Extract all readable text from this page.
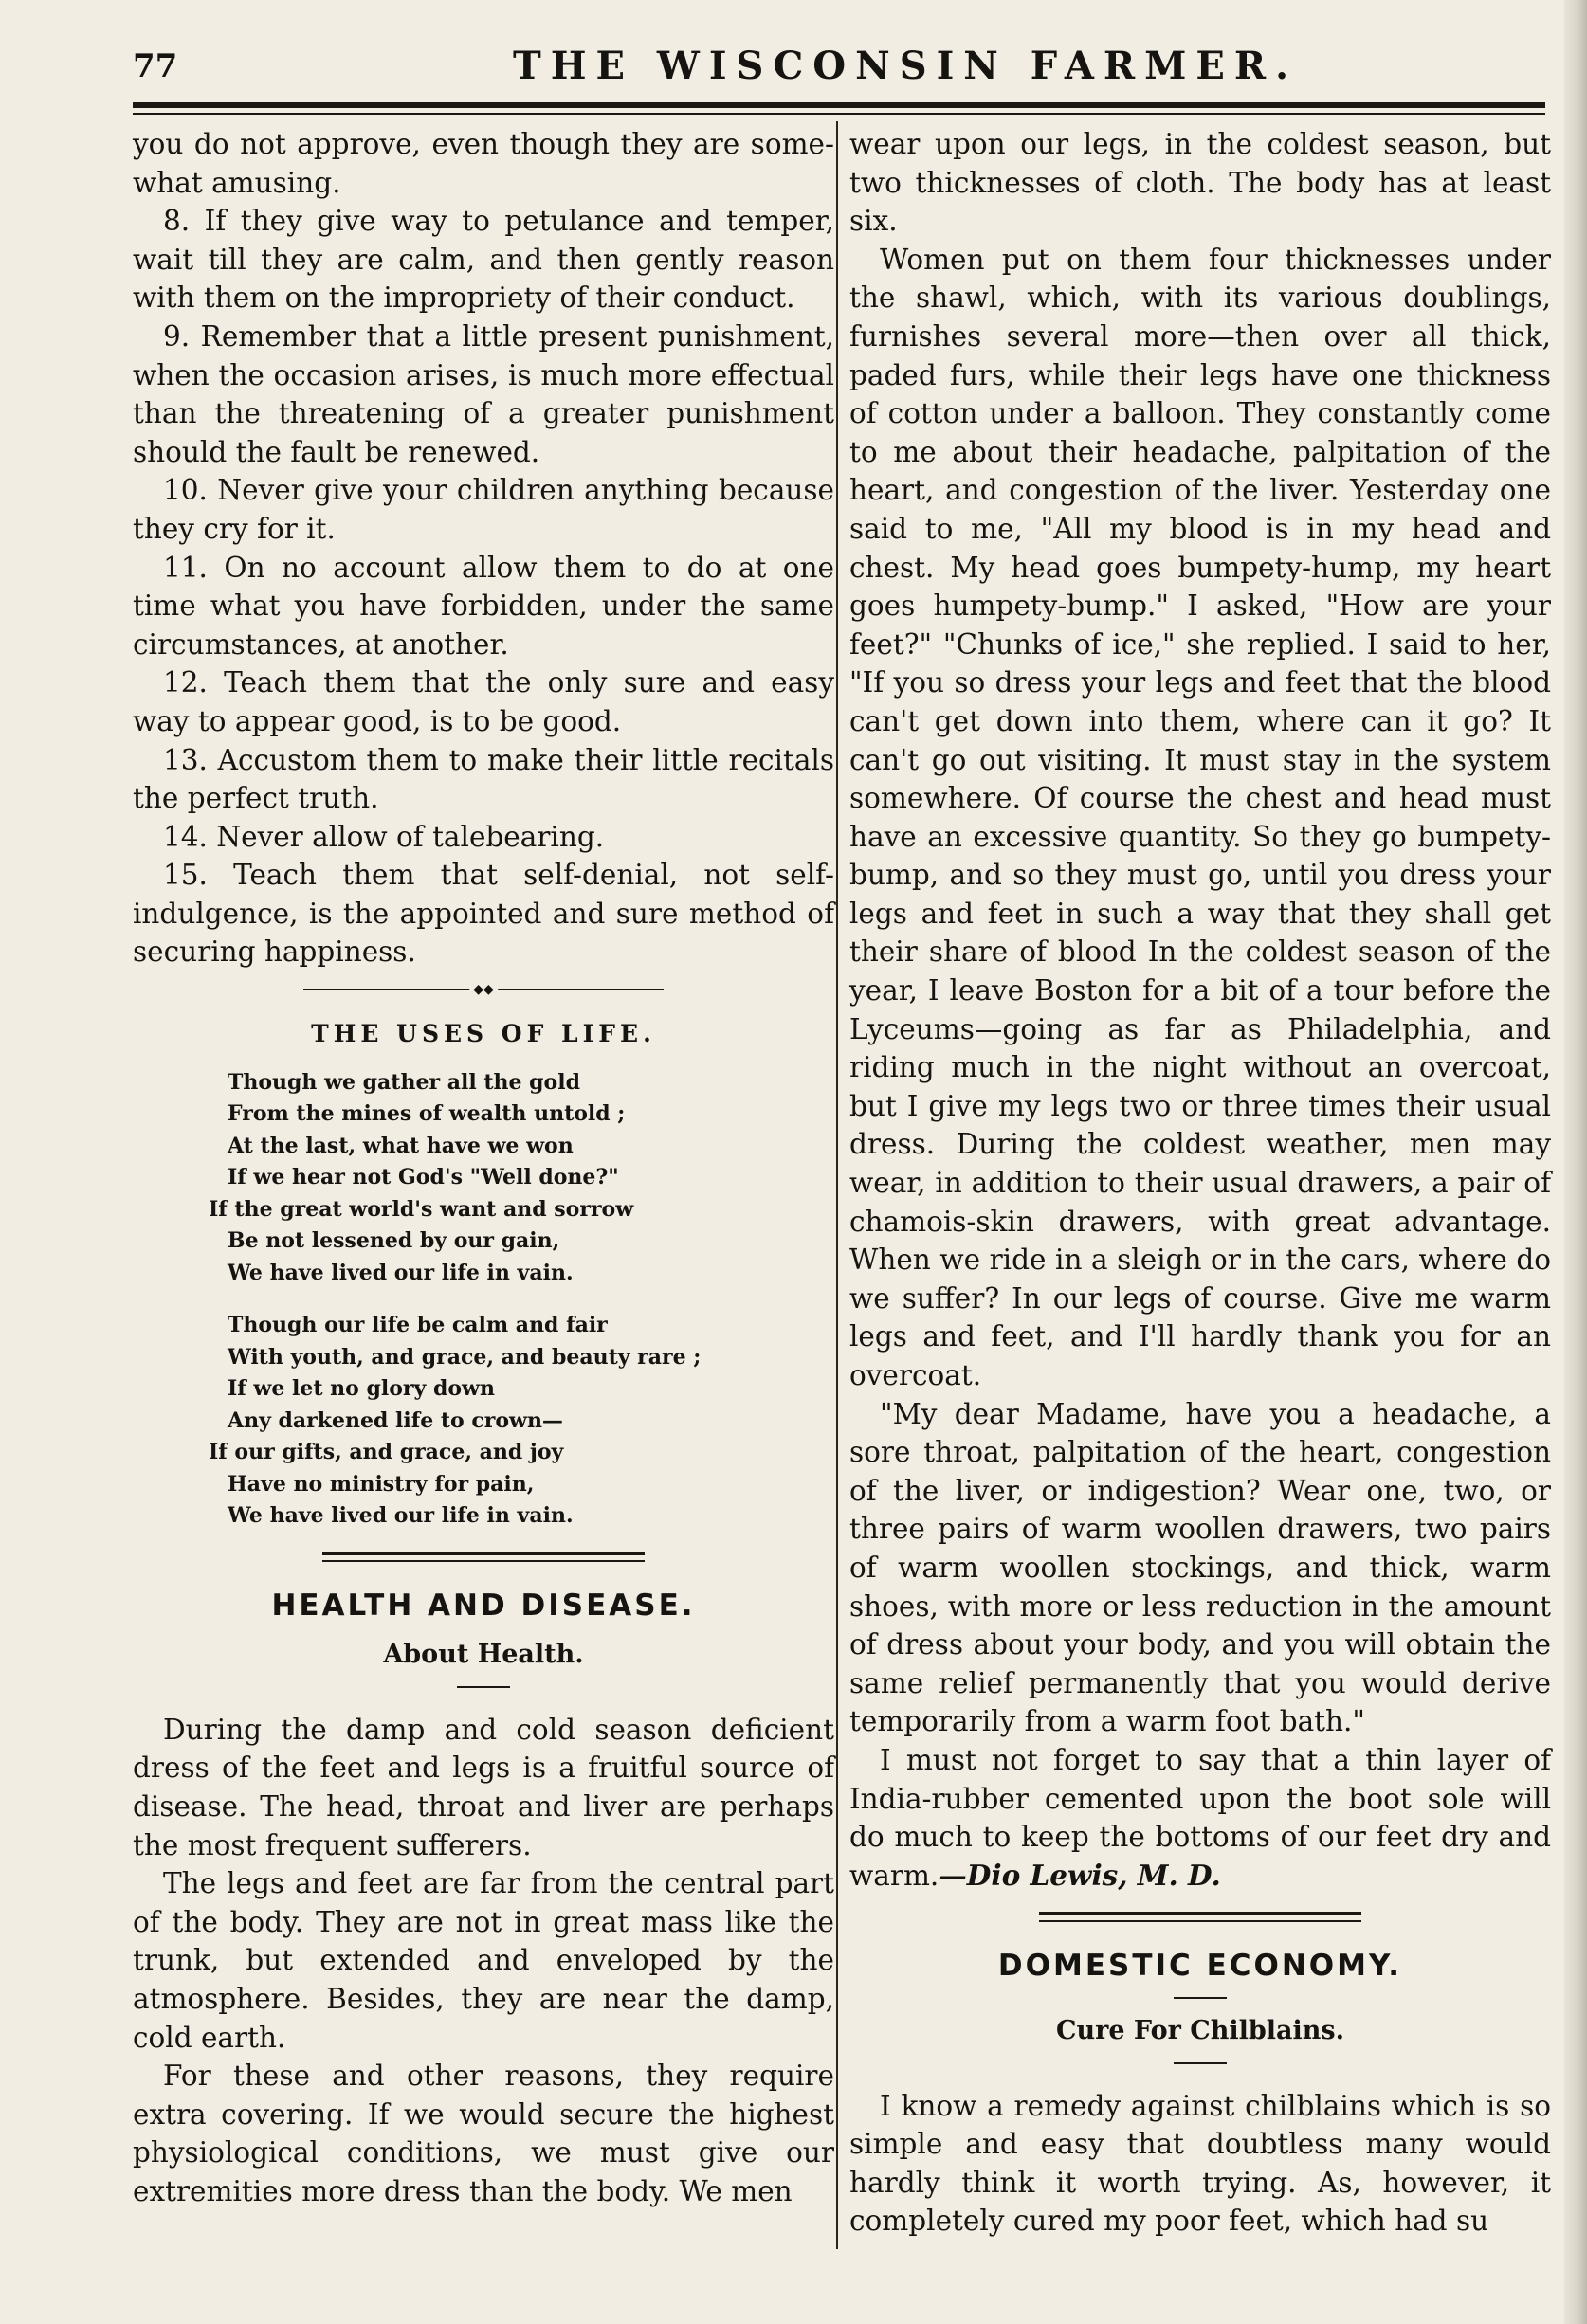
77	THE WISCONSIN FARMER.

you do not approve, even though they are some-

what amusing.

8. If they give way to petulance and temper, wait till they are calm, and then gently reason with them on the impropriety of their conduct.

9. Remember that a little present punishment, when the occasion arises, is much more effectual than the threatening of a greater punishment should the fault be renewed.

10. Never give your children anything because they cry for it.

11. On no account allow them to do at one time what you have forbidden, under the same circumstances, at another.

12. Teach them that the only sure and easy way to appear good, is to be good.

13. Accustom them to make their little recitals the perfect truth.

14. Never allow of talebearing.

15. Teach them that self-denial, not self-indulgence, is the appointed and sure method of securing happiness.

◆◆
THE USES OF LIFE.
Though we gather all the gold
From the mines of wealth untold ;
At the last, what have we won
If we hear not God's "Well done?"
If the great world's want and sorrow
Be not lessened by our gain,
We have lived our life in vain.
Though our life be calm and fair
With youth, and grace, and beauty rare ;
If we let no glory down
Any darkened life to crown—
If our gifts, and grace, and joy
Have no ministry for pain,
We have lived our life in vain.
HEALTH AND DISEASE.
About Health.

During the damp and cold season deficient dress of the feet and legs is a fruitful source of disease. The head, throat and liver are perhaps the most frequent sufferers.

The legs and feet are far from the central part of the body. They are not in great mass like the trunk, but extended and enveloped by the atmosphere. Besides, they are near the damp, cold earth.

For these and other reasons, they require extra covering. If we would secure the highest physiological conditions, we must give our extremities more dress than the body. We men

wear upon our legs, in the coldest season, but two thicknesses of cloth. The body has at least six.

Women put on them four thicknesses under the shawl, which, with its various doublings, furnishes several more—then over all thick, paded furs, while their legs have one thickness of cotton under a balloon. They constantly come to me about their headache, palpitation of the heart, and congestion of the liver. Yesterday one said to me, "All my blood is in my head and chest. My head goes bumpety-hump, my heart goes humpety-bump." I asked, "How are your feet?" "Chunks of ice," she replied. I said to her, "If you so dress your legs and feet that the blood can't get down into them, where can it go? It can't go out visiting. It must stay in the system somewhere. Of course the chest and head must have an excessive quantity. So they go bumpety-bump, and so they must go, until you dress your legs and feet in such a way that they shall get their share of blood In the coldest season of the year, I leave Boston for a bit of a tour before the Lyceums—going as far as Philadelphia, and riding much in the night without an overcoat, but I give my legs two or three times their usual dress. During the coldest weather, men may wear, in addition to their usual drawers, a pair of chamois-skin drawers, with great advantage. When we ride in a sleigh or in the cars, where do we suffer? In our legs of course. Give me warm legs and feet, and I'll hardly thank you for an overcoat.

"My dear Madame, have you a headache, a sore throat, palpitation of the heart, congestion of the liver, or indigestion? Wear one, two, or three pairs of warm woollen drawers, two pairs of warm woollen stockings, and thick, warm shoes, with more or less reduction in the amount of dress about your body, and you will obtain the same relief permanently that you would derive temporarily from a warm foot bath."

I must not forget to say that a thin layer of India-rubber cemented upon the boot sole will do much to keep the bottoms of our feet dry and warm.—Dio Lewis, M. D.

DOMESTIC ECONOMY.
Cure For Chilblains.

I know a remedy against chilblains which is so simple and easy that doubtless many would hardly think it worth trying. As, however, it completely cured my poor feet, which had su
